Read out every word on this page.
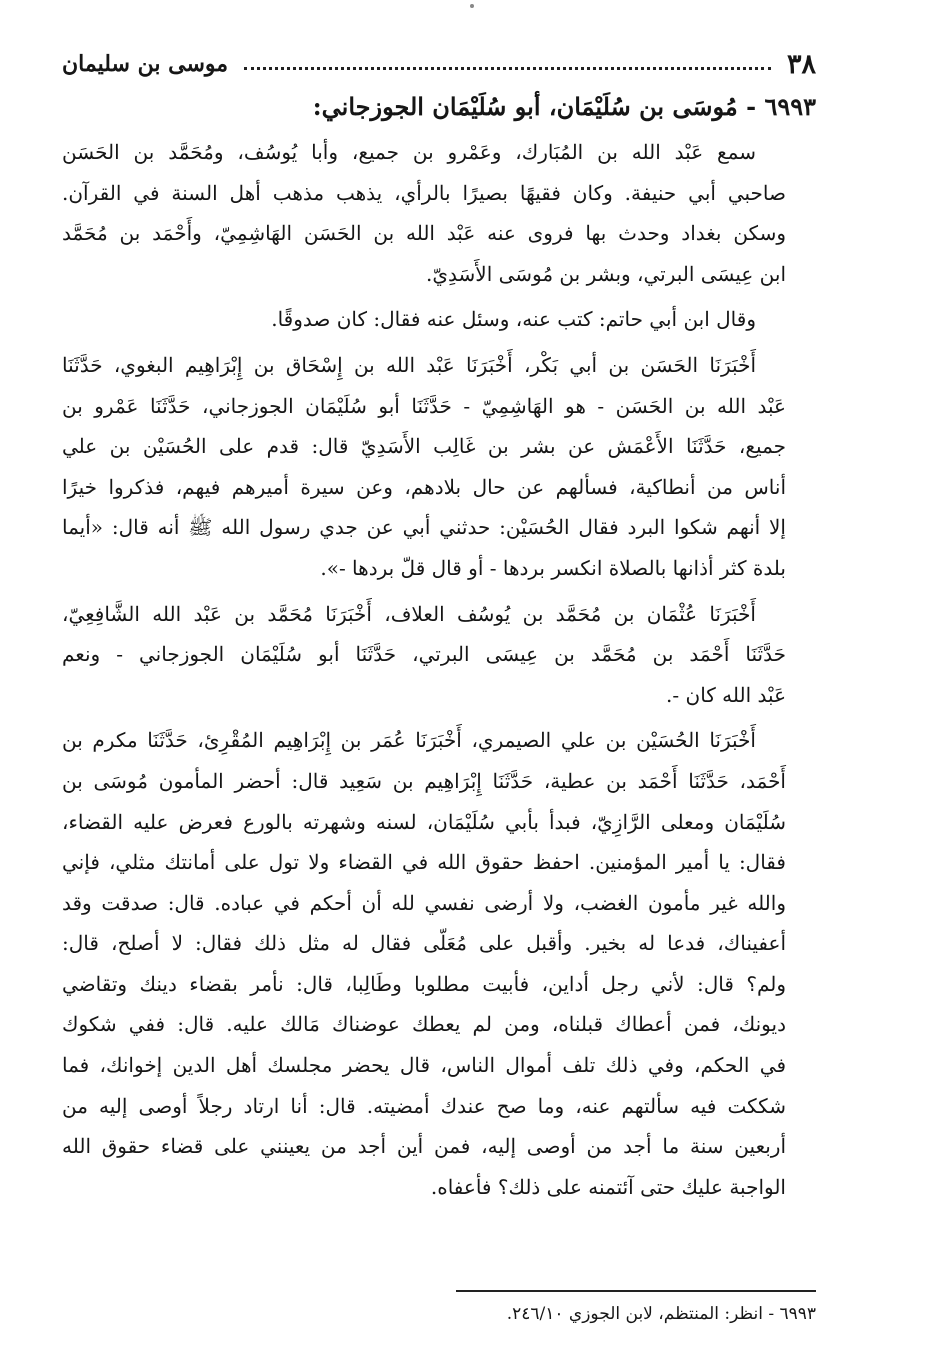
٣٨
موسى بن سليمان
٦٩٩٣ - مُوسَى بن سُلَيْمَان، أبو سُلَيْمَان الجوزجاني:
سمع عَبْد الله بن المُبَارك، وعَمْرو بن جميع، وأبا يُوسُف، ومُحَمَّد بن الحَسَن
صاحبي أبي حنيفة. وكان فقيهًا بصيرًا بالرأي، يذهب مذهب أهل السنة في القرآن.
وسكن بغداد وحدث بها فروى عنه عَبْد الله بن الحَسَن الهَاشِمِيّ، وأَحْمَد بن مُحَمَّد
ابن عِيسَى البرتي، وبشر بن مُوسَى الأَسَدِيّ.
وقال ابن أبي حاتم: كتب عنه، وسئل عنه فقال: كان صدوقًا.
أَخْبَرَنَا الحَسَن بن أبي بَكْر، أَخْبَرَنَا عَبْد الله بن إِسْحَاق بن إِبْرَاهِيم البغوي، حَدَّثَنَا
عَبْد الله بن الحَسَن - هو الهَاشِمِيّ - حَدَّثَنَا أبو سُلَيْمَان الجوزجاني، حَدَّثَنَا عَمْرو بن
جميع، حَدَّثَنَا الأَعْمَش عن بشر بن غَالِب الأَسَدِيّ قال: قدم على الحُسَيْن بن علي
أناس من أنطاكية، فسألهم عن حال بلادهم، وعن سيرة أميرهم فيهم، فذكروا خيرًا
إلا أنهم شكوا البرد فقال الحُسَيْن: حدثني أبي عن جدي رسول الله ﷺ أنه قال: «أيما
بلدة كثر أذانها بالصلاة انكسر بردها - أو قال قلّ بردها -».
أَخْبَرَنَا عُثْمَان بن مُحَمَّد بن يُوسُف العلاف، أَخْبَرَنَا مُحَمَّد بن عَبْد الله الشَّافِعِيّ،
حَدَّثَنَا أَحْمَد بن مُحَمَّد بن عِيسَى البرتي، حَدَّثَنَا أبو سُلَيْمَان الجوزجاني - ونعم
عَبْد الله كان -.
أَخْبَرَنَا الحُسَيْن بن علي الصيمري، أَخْبَرَنَا عُمَر بن إِبْرَاهِيم المُقْرِئ، حَدَّثَنَا مكرم بن
أَحْمَد، حَدَّثَنَا أَحْمَد بن عطية، حَدَّثَنَا إِبْرَاهِيم بن سَعِيد قال: أحضر المأمون مُوسَى بن
سُلَيْمَان ومعلى الرَّازِيّ، فبدأ بأبي سُلَيْمَان، لسنه وشهرته بالورع فعرض عليه القضاء،
فقال: يا أمير المؤمنين. احفظ حقوق الله في القضاء ولا تول على أمانتك مثلي، فإني
والله غير مأمون الغضب، ولا أرضى نفسي لله أن أحكم في عباده. قال: صدقت وقد
أعفيناك، فدعا له بخير. وأقبل على مُعَلّى فقال له مثل ذلك فقال: لا أصلح، قال:
ولم؟ قال: لأني رجل أداين، فأبيت مطلوبا وطَالِبا، قال: نأمر بقضاء دينك وتقاضي
ديونك، فمن أعطاك قبلناه، ومن لم يعطك عوضناك مَالك عليه. قال: ففي شكوك
في الحكم، وفي ذلك تلف أموال الناس، قال يحضر مجلسك أهل الدين إخوانك، فما
شككت فيه سألتهم عنه، وما صح عندك أمضيته. قال: أنا ارتاد رجلاً أوصى إليه من
أربعين سنة ما أجد من أوصى إليه، فمن أين أجد من يعينني على قضاء حقوق الله
الواجبة عليك حتى آئتمنه على ذلك؟ فأعفاه.
٦٩٩٣ - انظر: المنتظم، لابن الجوزي ٢٤٦/١٠.
